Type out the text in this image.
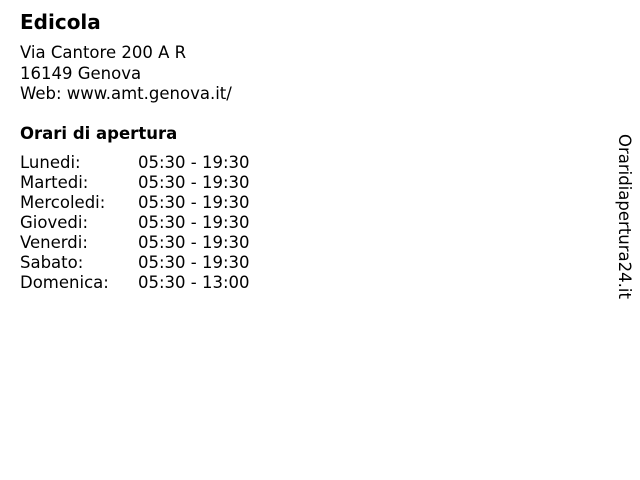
Edicola
Via Cantore 200 A R
16149 Genova
Web: www.amt.genova.it/
Orari di apertura
Lunedi:	05:30 - 19:30
Martedi:	05:30 - 19:30
Mercoledi: 05:30 - 19:30
Giovedi:	05:30 - 19:30
Venerdi:	05:30 - 19:30
Sabato:	05:30 - 19:30
Domenica: 05:30 - 13:00	Oraridiapertura24.it
